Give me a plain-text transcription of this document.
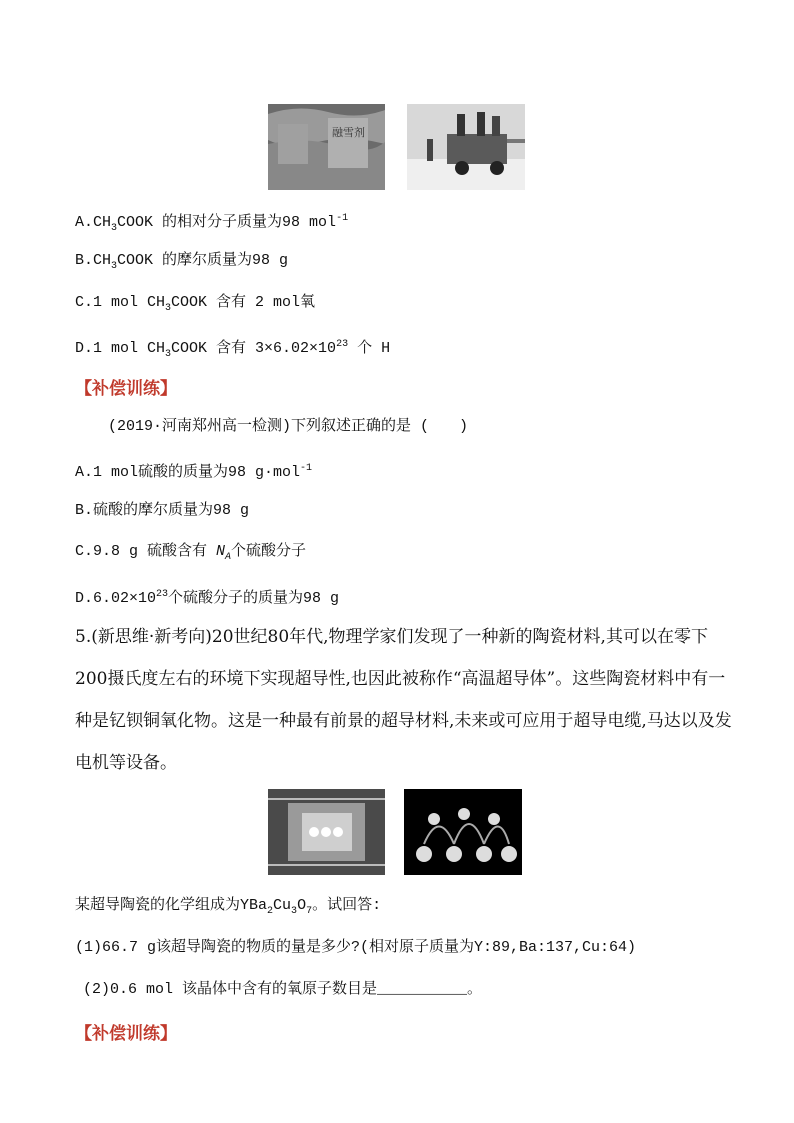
融雪剂
$A.CH_3COOK$ 的相对分子质量为98 mol$^{-1}$
$B.CH_3COOK$ 的摩尔质量为98 g
C.1 mol $CH_3COOK$ 含有 2 mol氧
D.1 mol $CH_3COOK$ 含有 $3\times 6.02\times 10^{23}$ 个 H
【补偿训练】
(2019·河南郑州高一检测)下列叙述正确的是 (　　)
A.1 mol硫酸的质量为98 g·mol$^{-1}$
B.硫酸的摩尔质量为98 g
C.9.8 g 硫酸含有 $N_A$个硫酸分子
$D.6.02\times 10^{23}$个硫酸分子的质量为98 g
5.(新思维·新考向)20世纪80年代,物理学家们发现了一种新的陶瓷材料,其可以在零下200摄氏度左右的环境下实现超导性,也因此被称作“高温超导体”。这些陶瓷材料中有一种是钇钡铜氧化物。这是一种最有前景的超导材料,未来或可应用于超导电缆,马达以及发电机等设备。
某超导陶瓷的化学组成为$YBa_2Cu_3O_7$。试回答:
(1)66.7 g该超导陶瓷的物质的量是多少?(相对原子质量为Y:89,Ba:137,Cu:64)
(2)0.6 mol 该晶体中含有的氧原子数目是__________。
【补偿训练】
